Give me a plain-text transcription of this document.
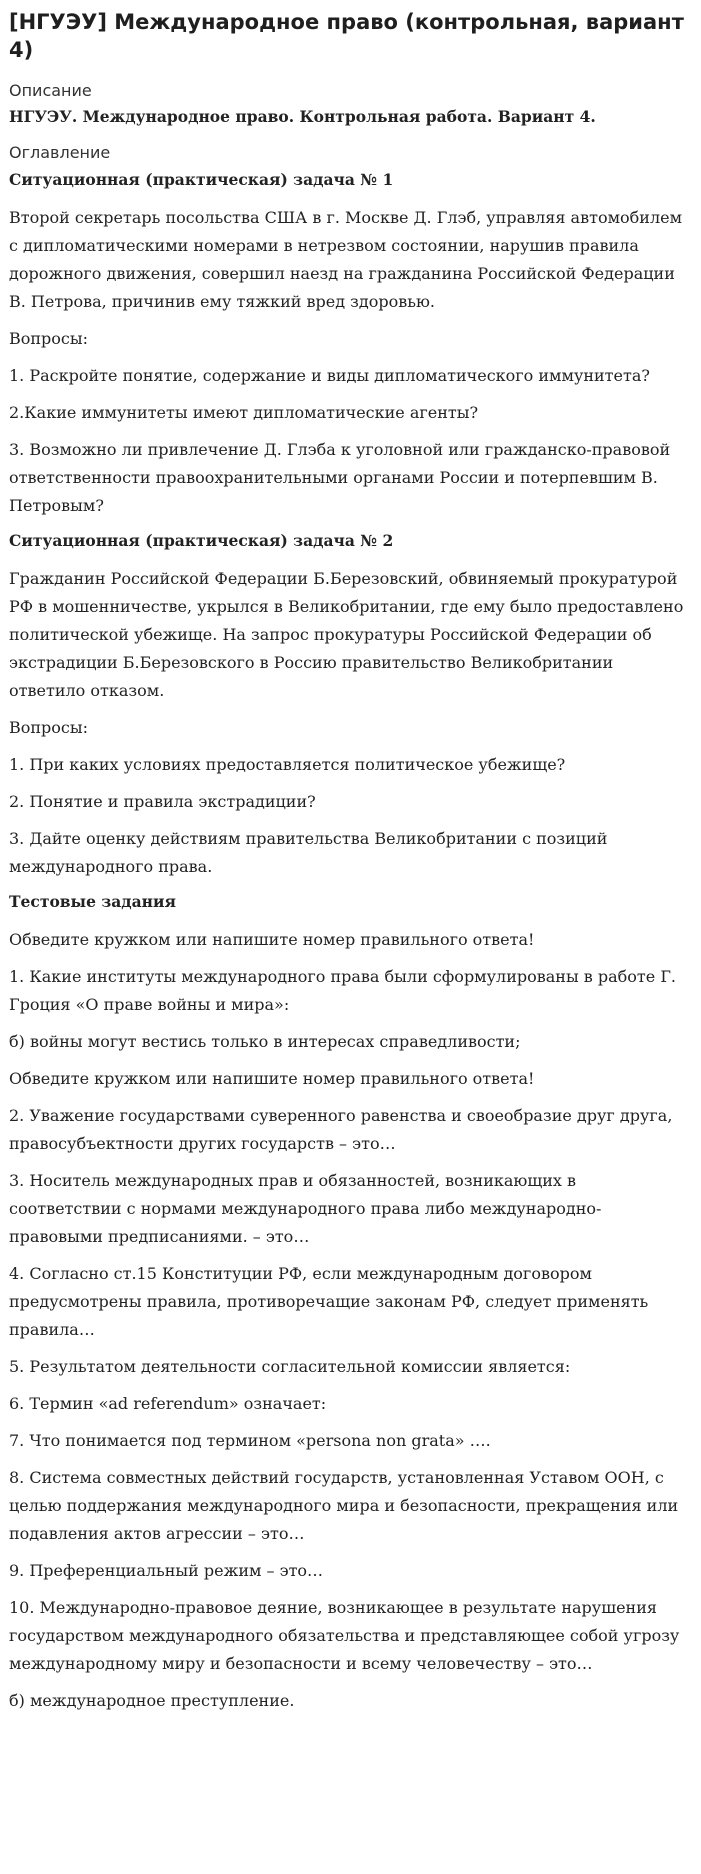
[НГУЭУ] Международное право (контрольная, вариант 4)

Описание

НГУЭУ. Международное право. Контрольная работа. Вариант 4.

Оглавление

Ситуационная (практическая) задача № 1

Второй секретарь посольства США в г. Москве Д. Глэб, управляя автомобилем с дипломатическими номерами в нетрезвом состоянии, нарушив правила дорожного движения, совершил наезд на гражданина Российской Федерации В. Петрова, причинив ему тяжкий вред здоровью.

Вопросы:

1. Раскройте понятие, содержание и виды дипломатического иммунитета?

2.Какие иммунитеты имеют дипломатические агенты?

3. Возможно ли привлечение Д. Глэба к уголовной или гражданско-правовой ответственности правоохранительными органами России и потерпевшим В. Петровым?

Ситуационная (практическая) задача № 2

Гражданин Российской Федерации Б.Березовский, обвиняемый прокуратурой РФ в мошенничестве, укрылся в Великобритании, где ему было предоставлено политической убежище. На запрос прокуратуры Российской Федерации об экстрадиции Б.Березовского в Россию правительство Великобритании ответило отказом.

Вопросы:

1. При каких условиях предоставляется политическое убежище?

2. Понятие и правила экстрадиции?

3. Дайте оценку действиям правительства Великобритании с позиций международного права.

Тестовые задания

Обведите кружком или напишите номер правильного ответа!

1. Какие институты международного права были сформулированы в работе Г. Гроция «О праве войны и мира»:

б) войны могут вестись только в интересах справедливости;

Обведите кружком или напишите номер правильного ответа!

2. Уважение государствами суверенного равенства и своеобразие друг друга, правосубъектности других государств – это…

3. Носитель международных прав и обязанностей, возникающих в соответствии с нормами международного права либо международно-правовыми предписаниями. – это…

4. Согласно ст.15 Конституции РФ, если международным договором предусмотрены правила, противоречащие законам РФ, следует применять правила…

5. Результатом деятельности согласительной комиссии является:

6. Термин «ad referendum» означает:

7. Что понимается под термином «persona non grata» ….

8. Система совместных действий государств, установленная Уставом ООН, с целью поддержания международного мира и безопасности, прекращения или подавления актов агрессии – это…

9. Преференциальный режим – это…

10. Международно-правовое деяние, возникающее в результате нарушения государством международного обязательства и представляющее собой угрозу международному миру и безопасности и всему человечеству – это…

б) международное преступление.
